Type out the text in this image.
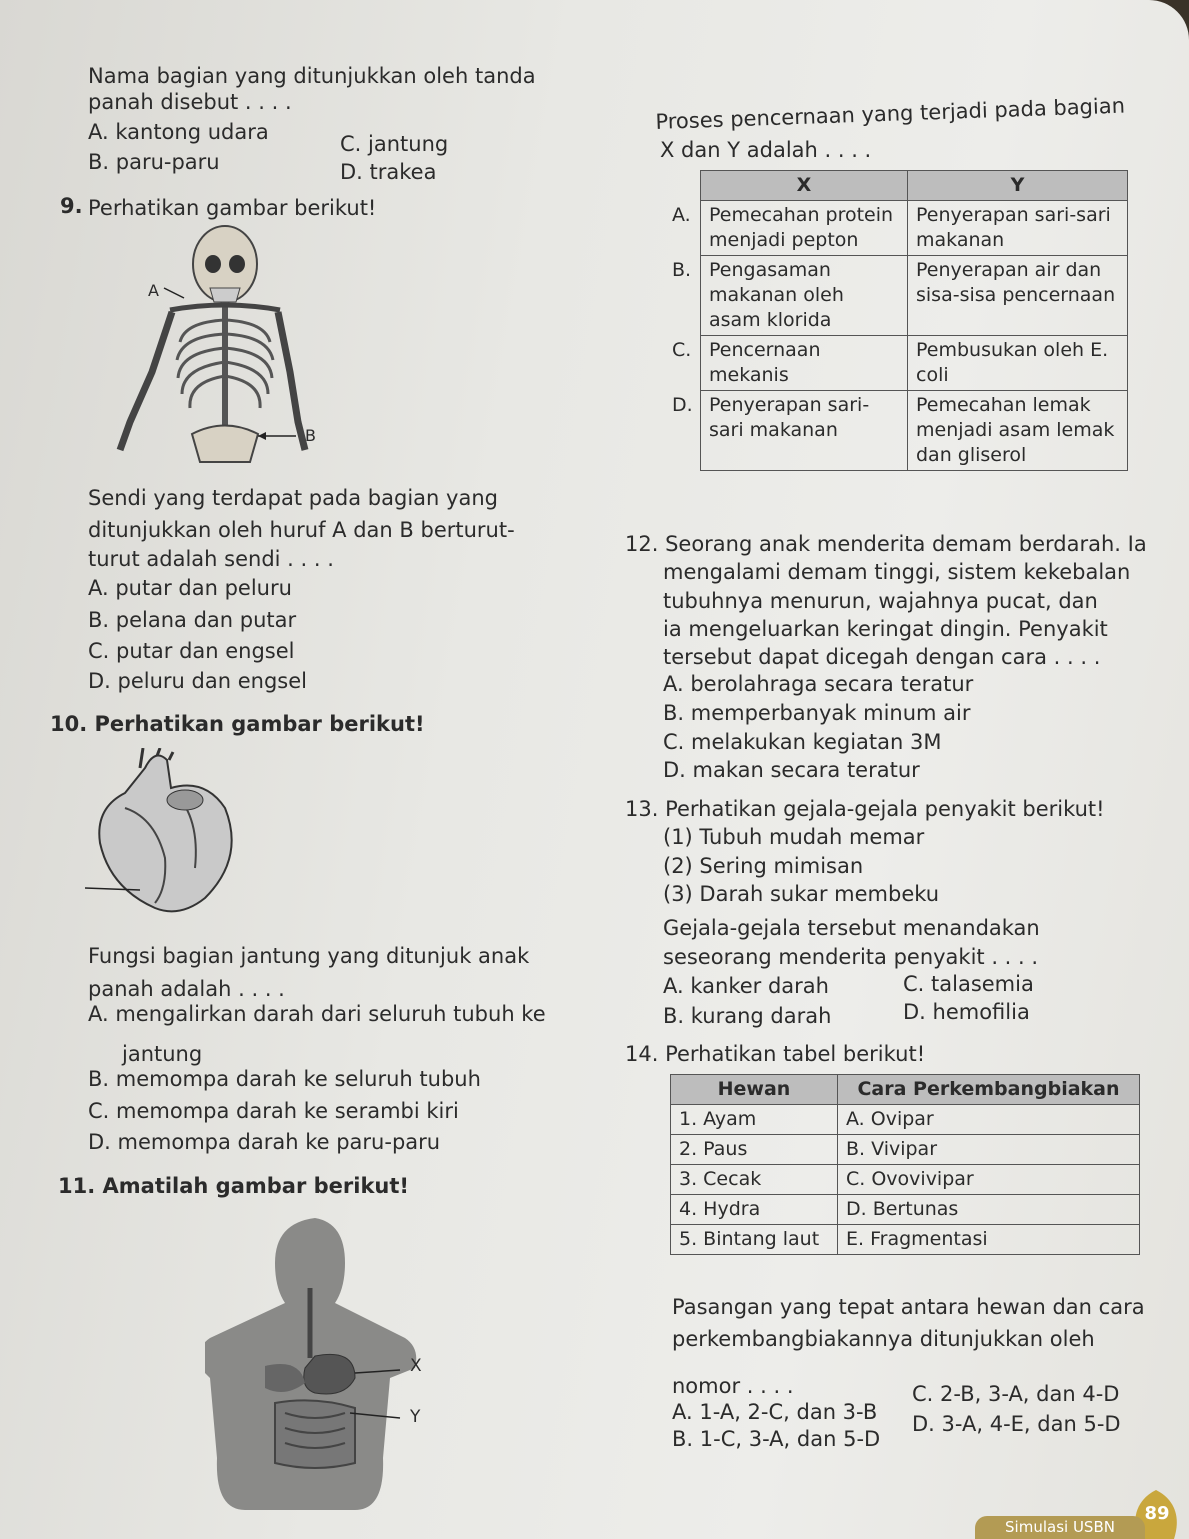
Nama bagian yang ditunjukkan oleh tanda
panah disebut . . . .
A. kantong udara	C. jantung
B. paru-paru	D. trakea
9. Perhatikan gambar berikut!
A
B
Sendi yang terdapat pada bagian yang
ditunjukkan oleh huruf A dan B berturut-
turut adalah sendi . . . .
A. putar dan peluru
B. pelana dan putar
C. putar dan engsel
D. peluru dan engsel
10. Perhatikan gambar berikut!
Fungsi bagian jantung yang ditunjuk anak
panah adalah . . . .
A. mengalirkan darah dari seluruh tubuh ke
jantung
B. memompa darah ke seluruh tubuh
C. memompa darah ke serambi kiri
D. memompa darah ke paru-paru
11. Amatilah gambar berikut!
X
Y
Proses pencernaan yang terjadi pada bagian
X dan Y adalah . . . .
	X	Y
A.	Pemecahan protein menjadi pepton	Penyerapan sari-sari makanan
B.	Pengasaman makanan oleh asam klorida	Penyerapan air dan sisa-sisa pencernaan
C.	Pencernaan mekanis	Pembusukan oleh E. coli
D.	Penyerapan sari-sari makanan	Pemecahan lemak menjadi asam lemak dan gliserol
12. Seorang anak menderita demam berdarah. Ia
mengalami demam tinggi, sistem kekebalan
tubuhnya menurun, wajahnya pucat, dan
ia mengeluarkan keringat dingin. Penyakit
tersebut dapat dicegah dengan cara . . . .
A. berolahraga secara teratur
B. memperbanyak minum air
C. melakukan kegiatan 3M
D. makan secara teratur
13. Perhatikan gejala-gejala penyakit berikut!
(1) Tubuh mudah memar
(2) Sering mimisan
(3) Darah sukar membeku
Gejala-gejala tersebut menandakan
seseorang menderita penyakit . . . .
A. kanker darah	C. talasemia
B. kurang darah	D. hemofilia
14. Perhatikan tabel berikut!
Hewan	Cara Perkembangbiakan
1. Ayam	A. Ovipar
2. Paus	B. Vivipar
3. Cecak	C. Ovovivipar
4. Hydra	D. Bertunas
5. Bintang laut	E. Fragmentasi
Pasangan yang tepat antara hewan dan cara
perkembangbiakannya ditunjukkan oleh
nomor . . . .
A. 1-A, 2-C, dan 3-B
C. 2-B, 3-A, dan 4-D
B. 1-C, 3-A, dan 5-D
D. 3-A, 4-E, dan 5-D
89
Simulasi USBN
